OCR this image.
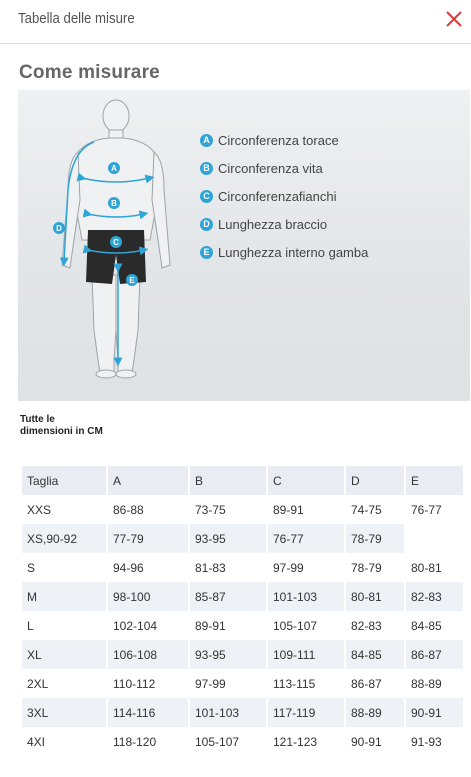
Tabella delle misure
Come misurare
A
B
C
D
E
A Circonferenza torace
B Circonferenza vita
C Circonferenzafianchi
D Lunghezza braccio
E Lunghezza interno gamba
Tutte le dimensioni in CM
Taglia	A	B	C	D	E
XXS	86-88	73-75	89-91	74-75	76-77
XS,90-92	77-79	93-95	76-77	78-79	
S	94-96	81-83	97-99	78-79	80-81
M	98-100	85-87	101-103	80-81	82-83
L	102-104	89-91	105-107	82-83	84-85
XL	106-108	93-95	109-111	84-85	86-87
2XL	110-112	97-99	113-115	86-87	88-89
3XL	114-116	101-103	117-119	88-89	90-91
4XI	118-120	105-107	121-123	90-91	91-93
